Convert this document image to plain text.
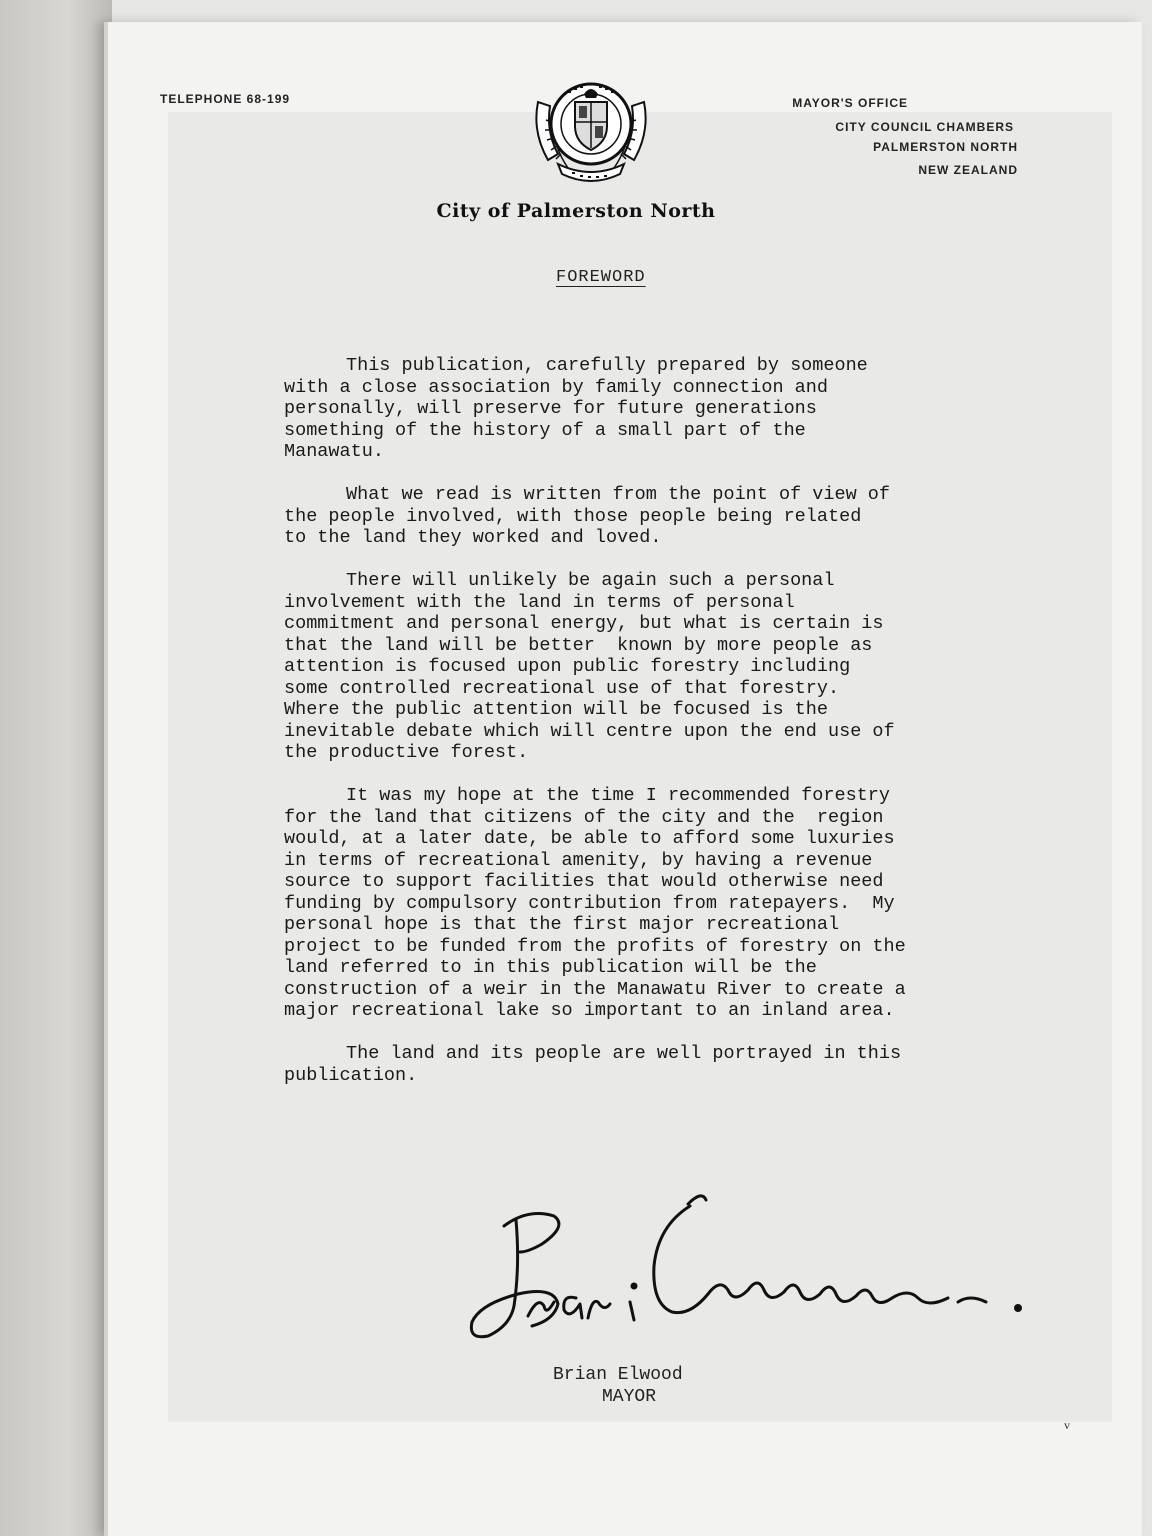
TELEPHONE 68-199	MAYOR'S OFFICE
CITY COUNCIL CHAMBERS
PALMERSTON NORTH
NEW ZEALAND
City of Palmerston North
FOREWORD

This publication, carefully prepared by someone
with a close association by family connection and
personally, will preserve for future generations
something of the history of a small part of the
Manawatu.

What we read is written from the point of view of
the people involved, with those people being related
to the land they worked and loved.

There will unlikely be again such a personal
involvement with the land in terms of personal
commitment and personal energy, but what is certain is
that the land will be better  known by more people as
attention is focused upon public forestry including
some controlled recreational use of that forestry.
Where the public attention will be focused is the
inevitable debate which will centre upon the end use of
the productive forest.

It was my hope at the time I recommended forestry
for the land that citizens of the city and the  region
would, at a later date, be able to afford some luxuries
in terms of recreational amenity, by having a revenue
source to support facilities that would otherwise need
funding by compulsory contribution from ratepayers.  My
personal hope is that the first major recreational
project to be funded from the profits of forestry on the
land referred to in this publication will be the
construction of a weir in the Manawatu River to create a
major recreational lake so important to an inland area.

The land and its people are well portrayed in this
publication.

Brian Elwood
MAYOR
v
